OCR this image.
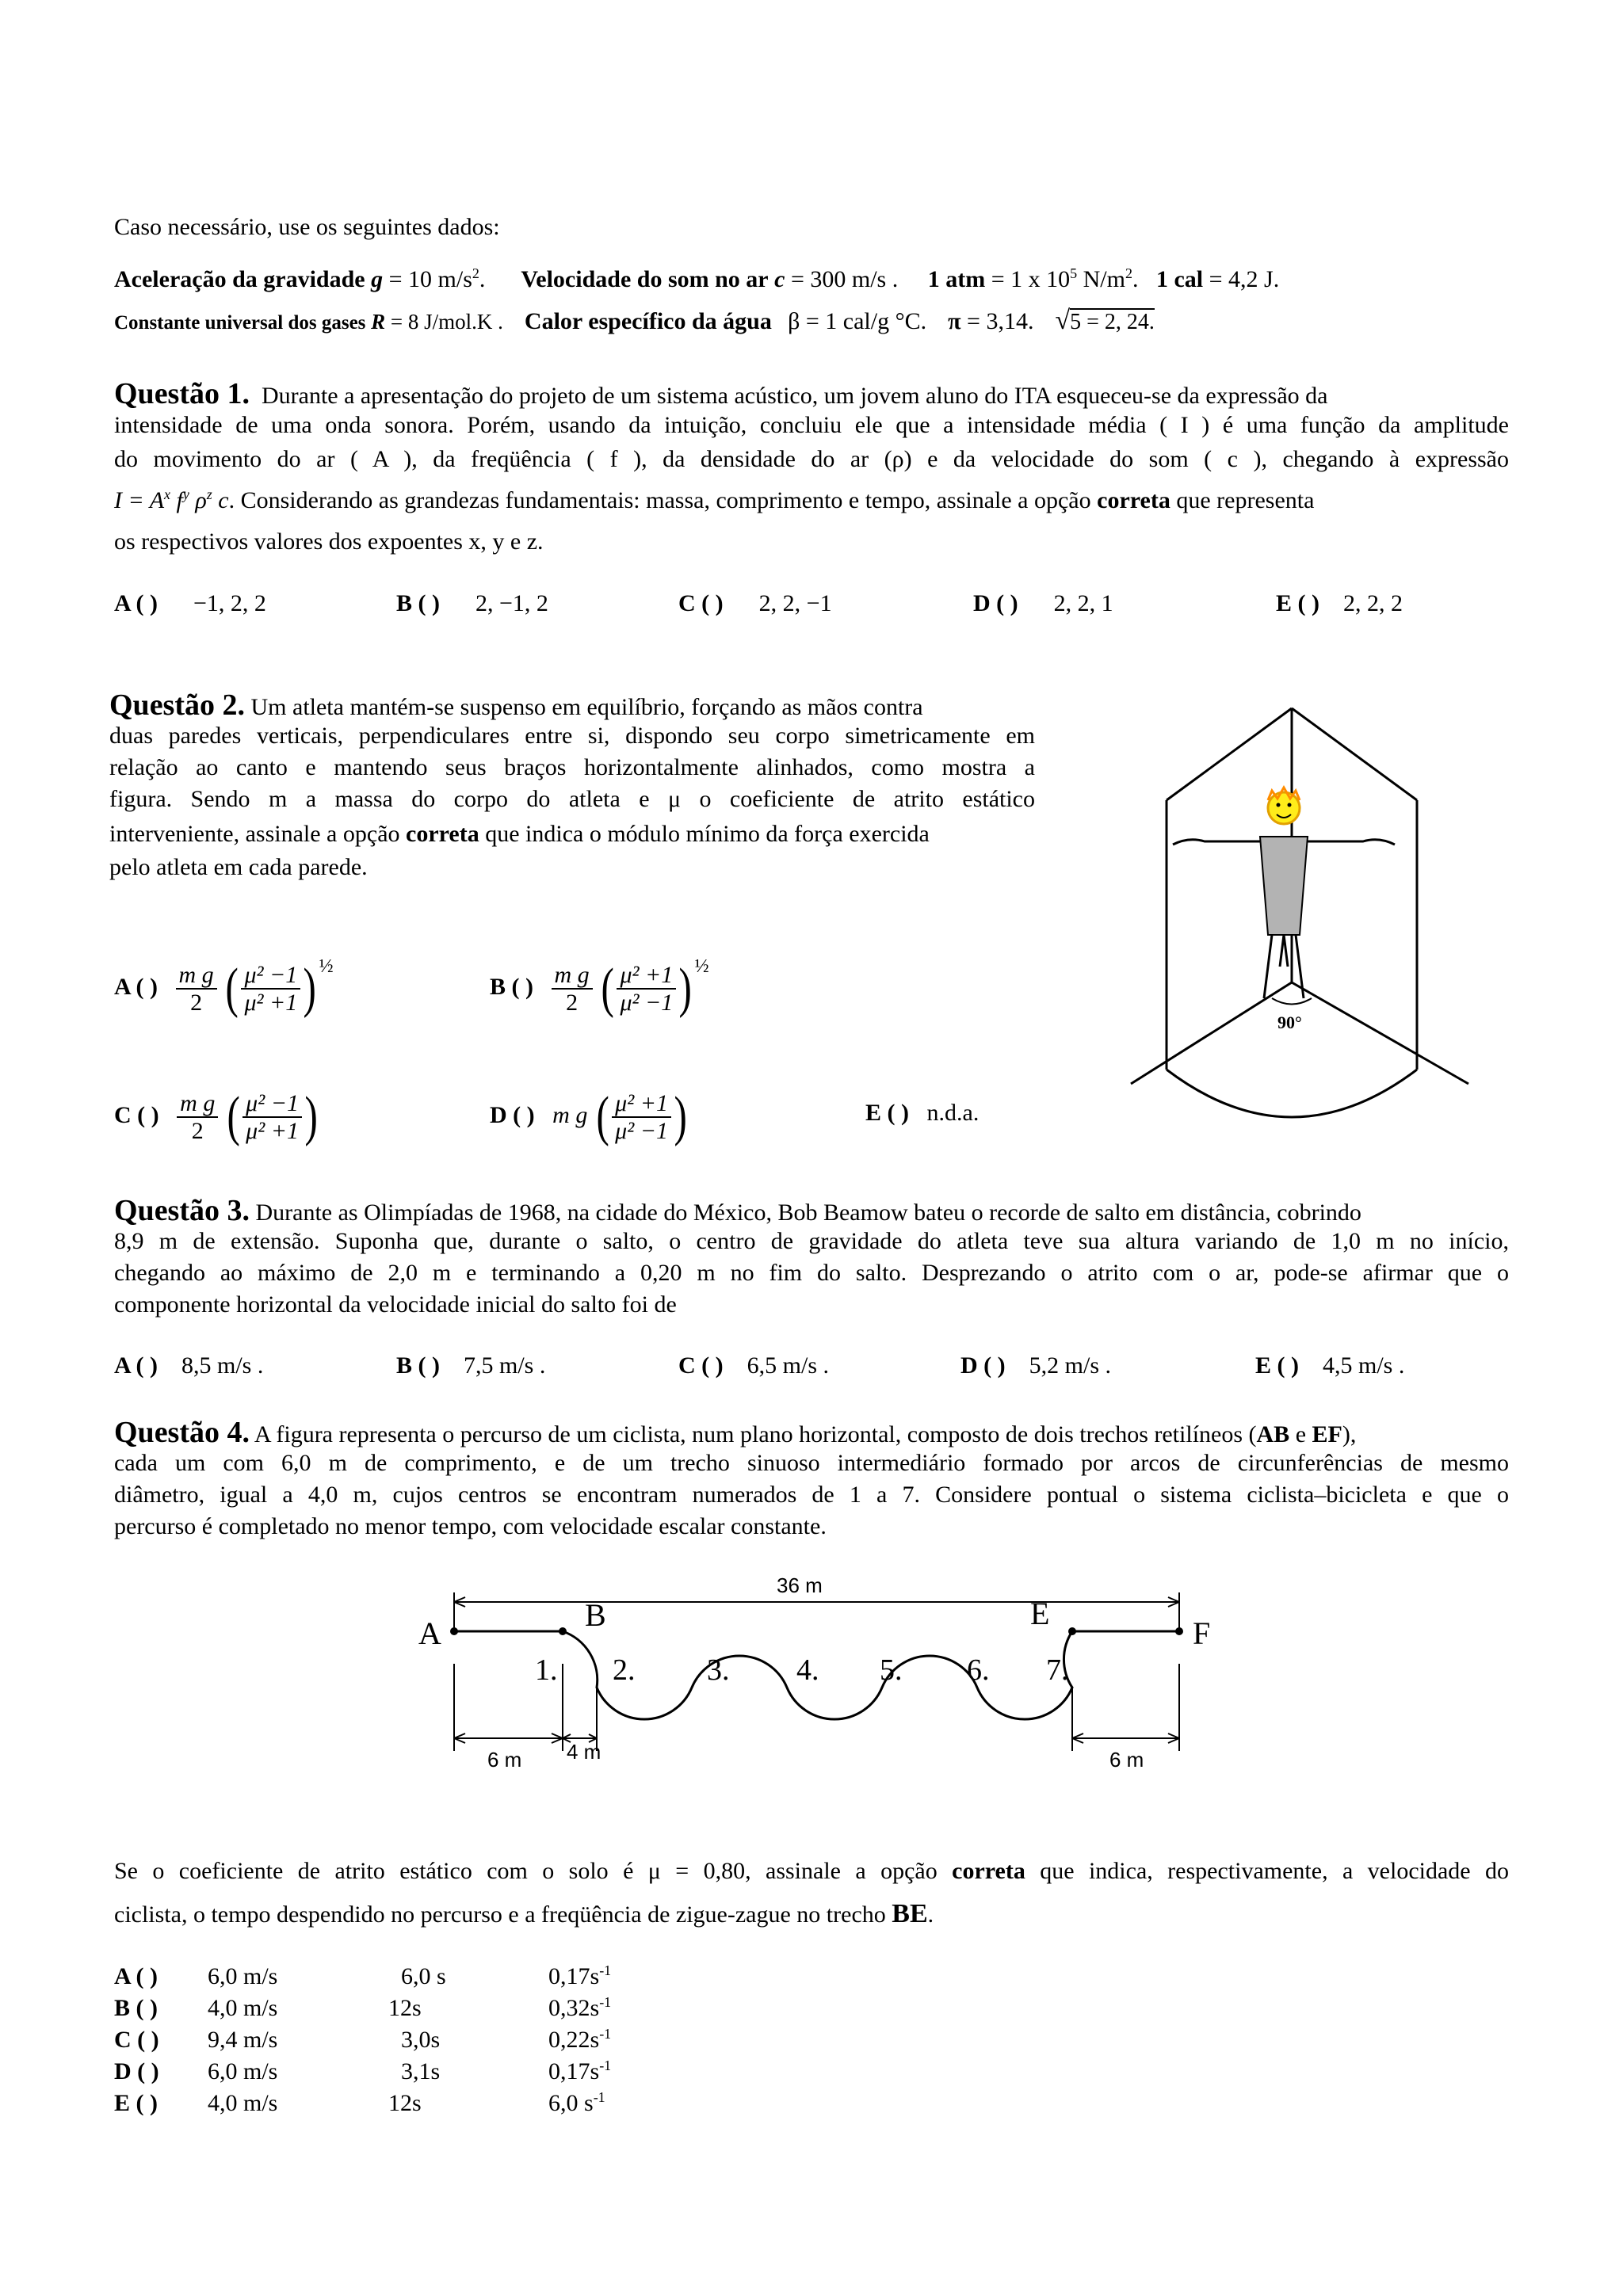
Caso necessário, use os seguintes dados:
Aceleração da gravidade g = 10 $m/s^2$. Velocidade do som no ar c = 300 m/s . 1 atm = 1 x $10^5$ $N/m^2$. 1 cal = 4,2 J.
Constante universal dos gases R = 8 J/mol.K . Calor específico da água β = 1 cal/g °C. π = 3,14. √5 = 2, 24.
Questão 1. Durante a apresentação do projeto de um sistema acústico, um jovem aluno do ITA esqueceu-se da expressão da
intensidade de uma onda sonora. Porém, usando da intuição, concluiu ele que a intensidade média ( I ) é uma função da amplitude
do movimento do ar ( A ), da freqüência ( f ), da densidade do ar (ρ) e da velocidade do som ( c ), chegando à expressão
$I = A^x$ $f^y$ $\rho^z$ c. Considerando as grandezas fundamentais: massa, comprimento e tempo, assinale a opção correta que representa
os respectivos valores dos expoentes x, y e z.
A ( ) −1, 2, 2	B ( ) 2, −1, 2	C ( ) 2, 2, −1	D ( ) 2, 2, 1	E ( ) 2, 2, 2
Questão 2. Um atleta mantém-se suspenso em equilíbrio, forçando as mãos contra
duas paredes verticais, perpendiculares entre si, dispondo seu corpo simetricamente em
relação ao canto e mantendo seus braços horizontalmente alinhados, como mostra a
figura. Sendo m a massa do corpo do atleta e μ o coeficiente de atrito estático
interveniente, assinale a opção correta que indica o módulo mínimo da força exercida
pelo atleta em cada parede.
90°
A ( ) $\frac{\text{m g}}{2}$ ( $\frac{\text{μ² −1}}{\text{μ² +1}}$ ) $^{\frac{1}{2}}$
B ( ) $\frac{\text{m g}}{2}$ ( $\frac{\text{μ² +1}}{\text{μ² −1}}$ ) $^{\frac{1}{2}}$
C ( ) $\frac{\text{m g}}{2}$ ( $\frac{\text{μ² −1}}{\text{μ² +1}}$ )	D ( ) m g ( $\frac{\text{μ² +1}}{\text{μ² −1}}$ )	E ( ) n.d.a.
Questão 3. Durante as Olimpíadas de 1968, na cidade do México, Bob Beamow bateu o recorde de salto em distância, cobrindo
8,9 m de extensão. Suponha que, durante o salto, o centro de gravidade do atleta teve sua altura variando de 1,0 m no início,
chegando ao máximo de 2,0 m e terminando a 0,20 m no fim do salto. Desprezando o atrito com o ar, pode-se afirmar que o
componente horizontal da velocidade inicial do salto foi de
A ( ) 8,5 m/s .	B ( ) 7,5 m/s .	C ( ) 6,5 m/s .	D ( ) 5,2 m/s .	E ( ) 4,5 m/s .
Questão 4. A figura representa o percurso de um ciclista, num plano horizontal, composto de dois trechos retilíneos (AB e EF),
cada um com 6,0 m de comprimento, e de um trecho sinuoso intermediário formado por arcos de circunferências de mesmo
diâmetro, igual a 4,0 m, cujos centros se encontram numerados de 1 a 7. Considere pontual o sistema ciclista–bicicleta e que o
percurso é completado no menor tempo, com velocidade escalar constante.
36 m
6 m 4 m	6 m
A
B	E
F
1. 2. 3. 4. 5. 6. 7.
Se o coeficiente de atrito estático com o solo é μ = 0,80, assinale a opção correta que indica, respectivamente, a velocidade do
ciclista, o tempo despendido no percurso e a freqüência de zigue-zague no trecho BE.
A ( ) 6,0 m/s	6,0 s	$0,17s^{-1}$
B ( ) 4,0 m/s	12s	$0,32s^{-1}$
C ( ) 9,4 m/s	3,0s	$0,22s^{-1}$
D ( ) 6,0 m/s	3,1s	$0,17s^{-1}$
E ( ) 4,0 m/s	12s	6,0 $s^{-1}$
